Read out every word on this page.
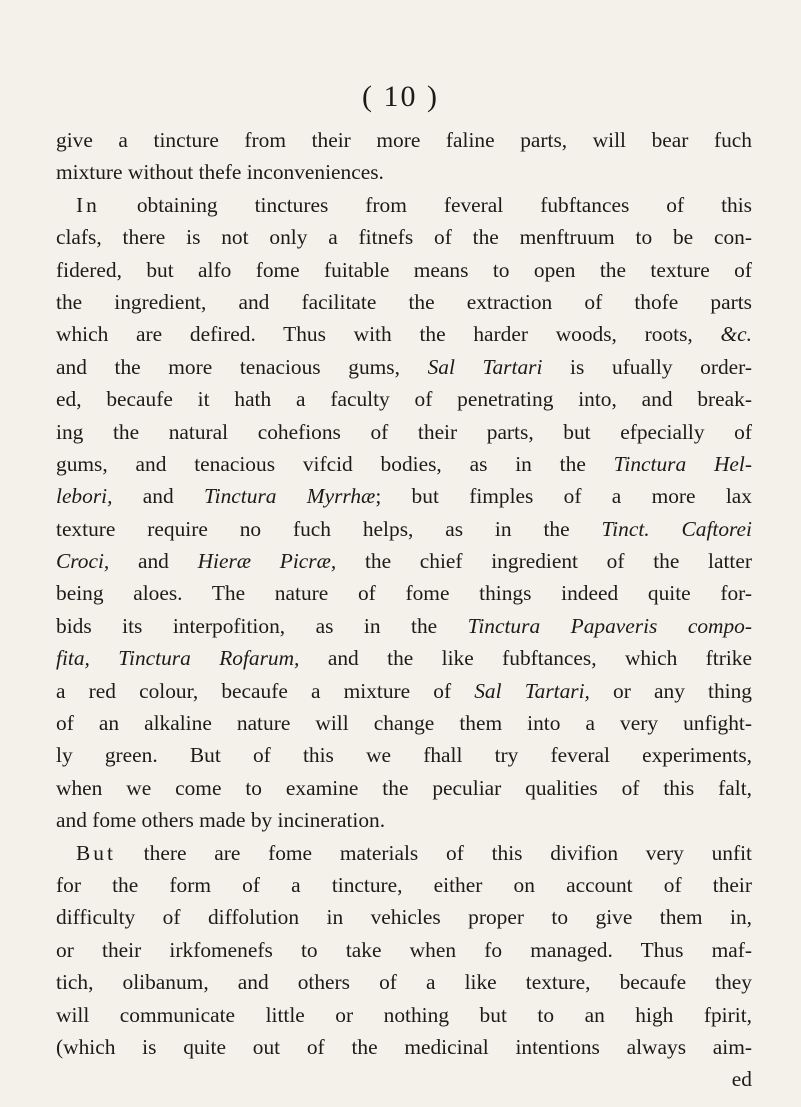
( 10 )
give a tincture from their more faline parts, will bear fuch
mixture without thefe inconveniences.
In obtaining tinctures from feveral fubftances of this
clafs, there is not only a fitnefs of the menftruum to be con-
fidered, but alfo fome fuitable means to open the texture of
the ingredient, and facilitate the extraction of thofe parts
which are defired. Thus with the harder woods, roots, &c.
and the more tenacious gums, Sal Tartari is ufually order-
ed, becaufe it hath a faculty of penetrating into, and break-
ing the natural cohefions of their parts, but efpecially of
gums, and tenacious vifcid bodies, as in the Tinctura Hel-
lebori, and Tinctura Myrrhæ; but fimples of a more lax
texture require no fuch helps, as in the Tinct. Caftorei
Croci, and Hieræ Picræ, the chief ingredient of the latter
being aloes. The nature of fome things indeed quite for-
bids its interpofition, as in the Tinctura Papaveris compo-
fita, Tinctura Rofarum, and the like fubftances, which ftrike
a red colour, becaufe a mixture of Sal Tartari, or any thing
of an alkaline nature will change them into a very unfight-
ly green. But of this we fhall try feveral experiments,
when we come to examine the peculiar qualities of this falt,
and fome others made by incineration.
But there are fome materials of this divifion very unfit
for the form of a tincture, either on account of their
difficulty of diffolution in vehicles proper to give them in,
or their irkfomenefs to take when fo managed. Thus maf-
tich, olibanum, and others of a like texture, becaufe they
will communicate little or nothing but to an high fpirit,
(which is quite out of the medicinal intentions always aim-
ed
